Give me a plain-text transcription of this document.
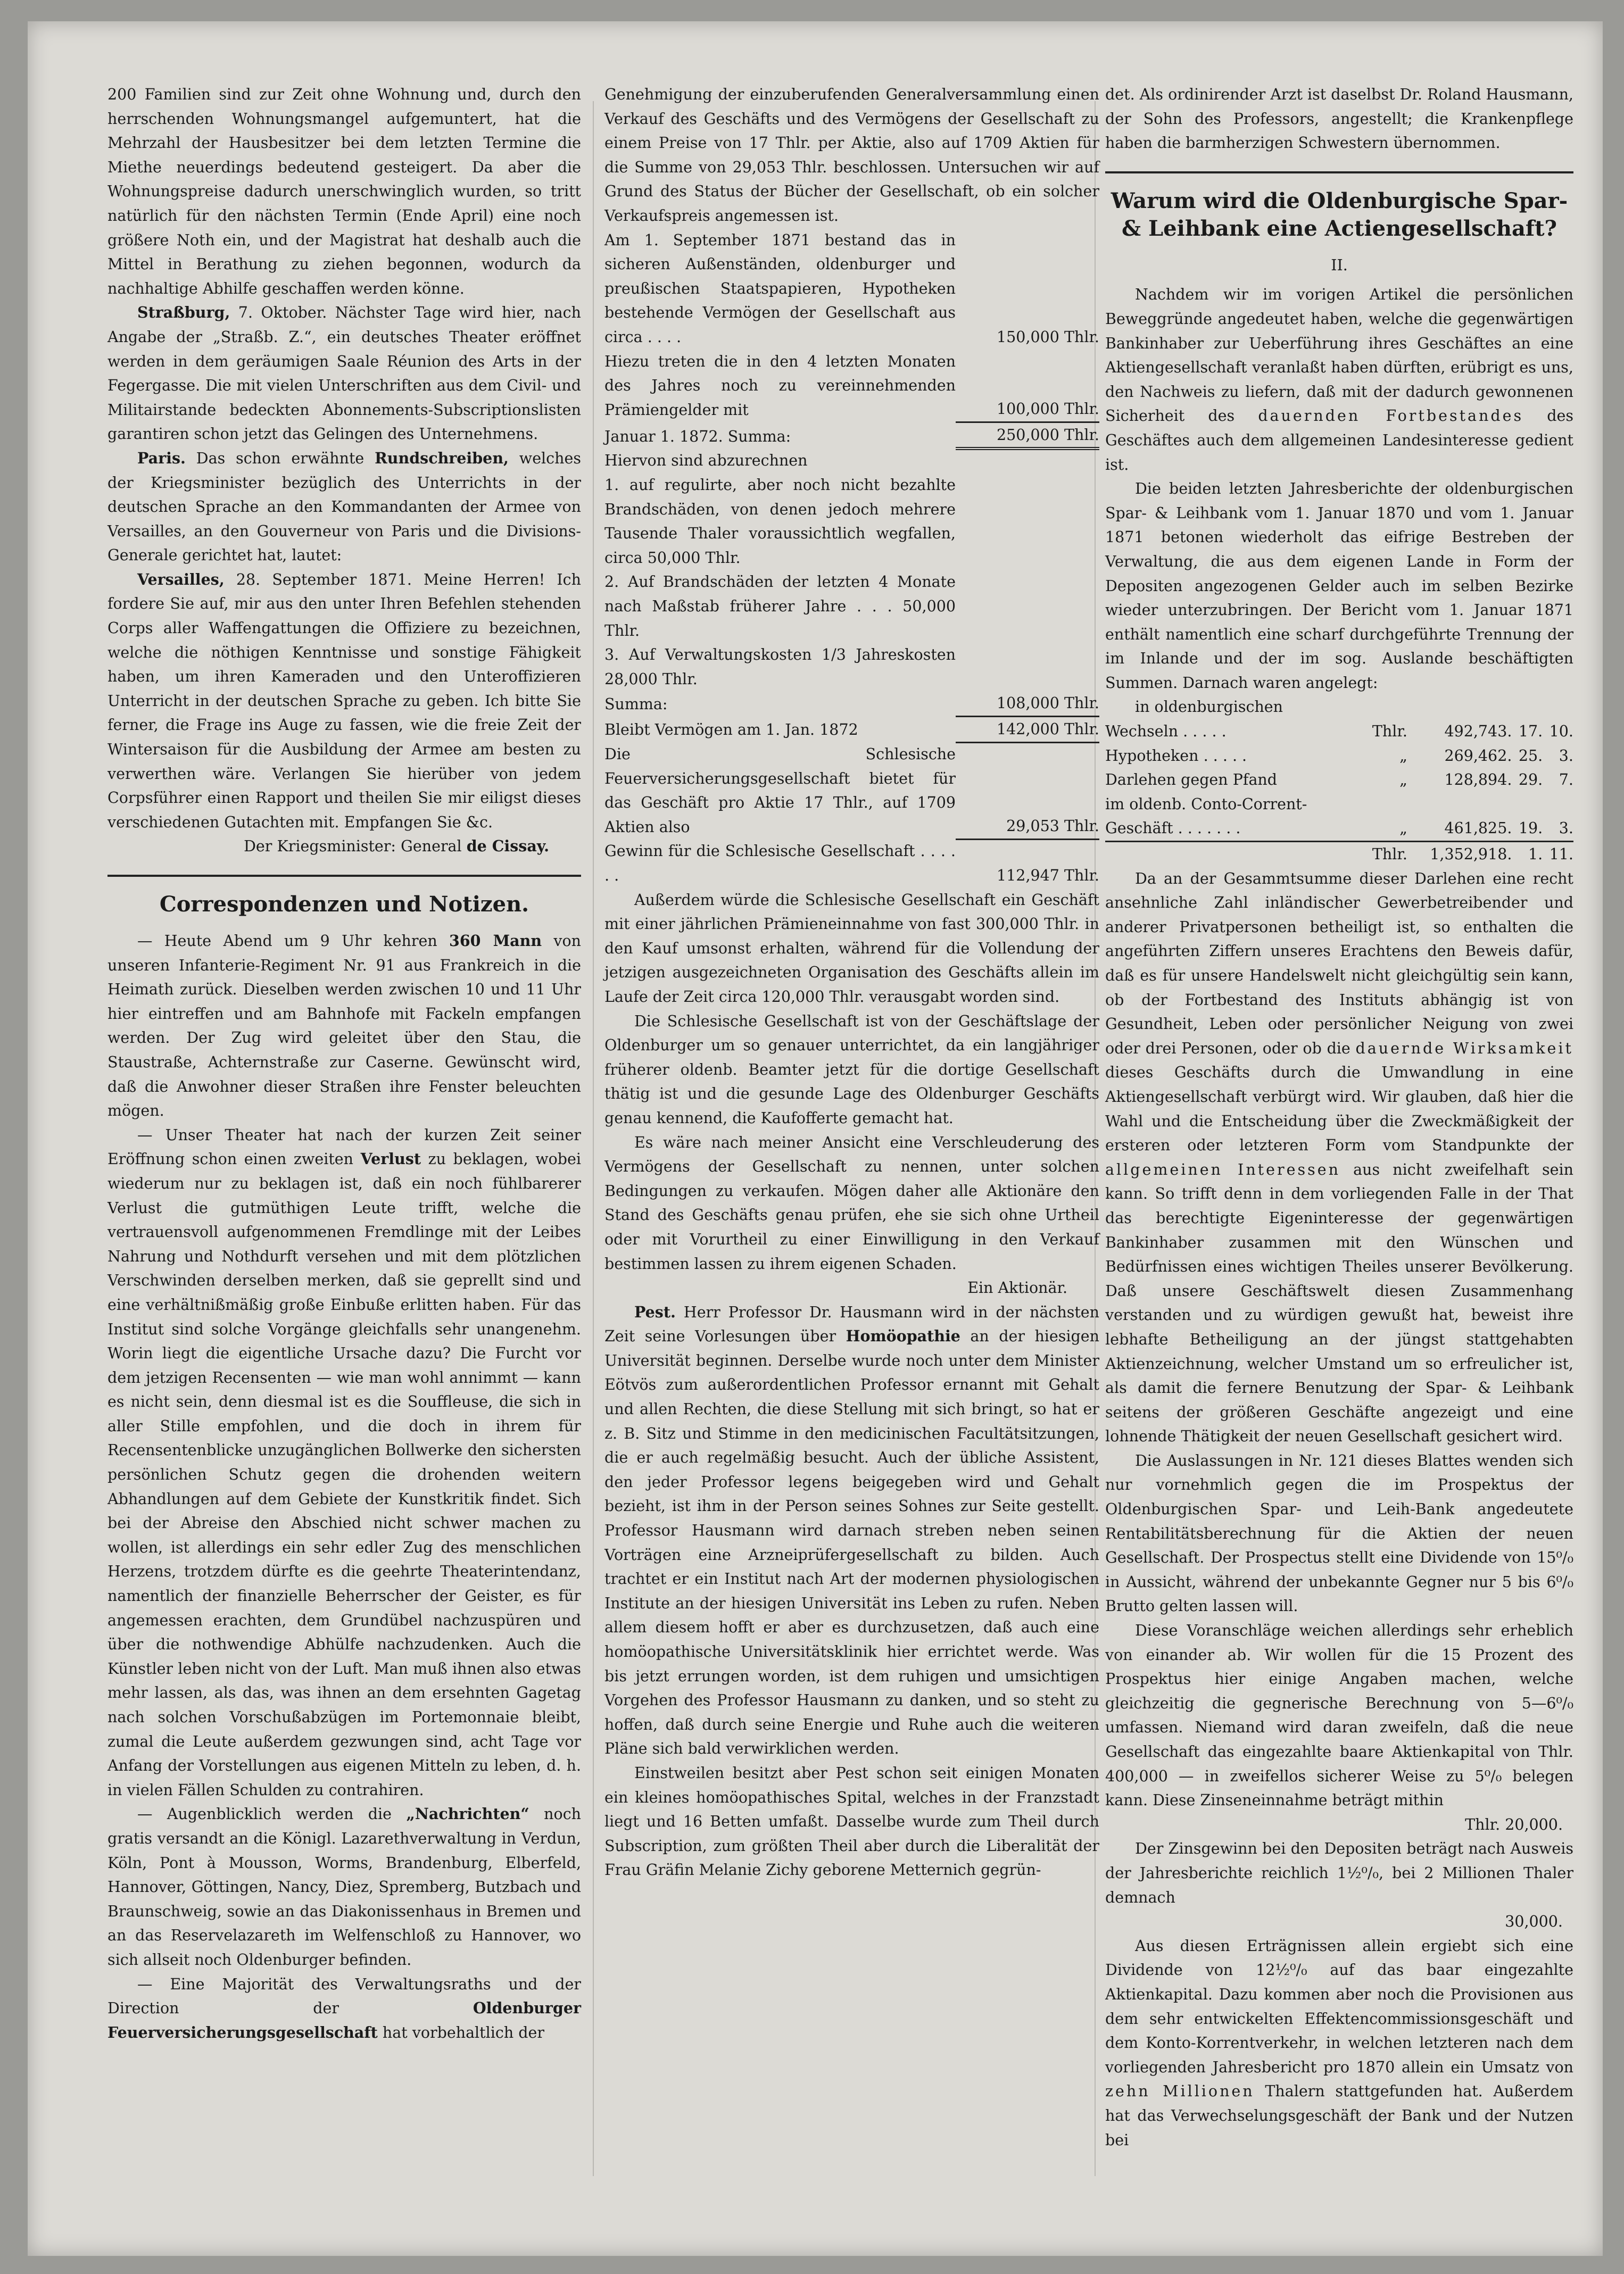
200 Familien sind zur Zeit ohne Wohnung und, durch den herrschenden Wohnungsmangel aufgemuntert, hat die Mehrzahl der Hausbesitzer bei dem letzten Termine die Miethe neuerdings bedeutend gesteigert. Da aber die Wohnungspreise dadurch unerschwinglich wurden, so tritt natürlich für den nächsten Termin (Ende April) eine noch größere Noth ein, und der Magistrat hat deshalb auch die Mittel in Berathung zu ziehen begonnen, wodurch da nachhaltige Abhilfe geschaffen werden könne.

Straßburg, 7. Oktober. Nächster Tage wird hier, nach Angabe der „Straßb. Z.“, ein deutsches Theater eröffnet werden in dem geräumigen Saale Réunion des Arts in der Fegergasse. Die mit vielen Unterschriften aus dem Civil- und Militairstande bedeckten Abonnements-Subscriptionslisten garantiren schon jetzt das Gelingen des Unternehmens.

Paris. Das schon erwähnte Rundschreiben, welches der Kriegsminister bezüglich des Unterrichts in der deutschen Sprache an den Kommandanten der Armee von Versailles, an den Gouverneur von Paris und die Divisions-Generale gerichtet hat, lautet:

Versailles, 28. September 1871. Meine Herren! Ich fordere Sie auf, mir aus den unter Ihren Befehlen stehenden Corps aller Waffengattungen die Offiziere zu bezeichnen, welche die nöthigen Kenntnisse und sonstige Fähigkeit haben, um ihren Kameraden und den Unteroffizieren Unterricht in der deutschen Sprache zu geben. Ich bitte Sie ferner, die Frage ins Auge zu fassen, wie die freie Zeit der Wintersaison für die Ausbildung der Armee am besten zu verwerthen wäre. Verlangen Sie hierüber von jedem Corpsführer einen Rapport und theilen Sie mir eiligst dieses verschiedenen Gutachten mit. Empfangen Sie &c.

Der Kriegsminister: General de Cissay.

Correspondenzen und Notizen.

— Heute Abend um 9 Uhr kehren 360 Mann von unseren Infanterie-Regiment Nr. 91 aus Frankreich in die Heimath zurück. Dieselben werden zwischen 10 und 11 Uhr hier eintreffen und am Bahnhofe mit Fackeln empfangen werden. Der Zug wird geleitet über den Stau, die Staustraße, Achternstraße zur Caserne. Gewünscht wird, daß die Anwohner dieser Straßen ihre Fenster beleuchten mögen.

— Unser Theater hat nach der kurzen Zeit seiner Eröffnung schon einen zweiten Verlust zu beklagen, wobei wiederum nur zu beklagen ist, daß ein noch fühlbarerer Verlust die gutmüthigen Leute trifft, welche die vertrauensvoll aufgenommenen Fremdlinge mit der Leibes Nahrung und Nothdurft versehen und mit dem plötzlichen Verschwinden derselben merken, daß sie geprellt sind und eine verhältnißmäßig große Einbuße erlitten haben. Für das Institut sind solche Vorgänge gleichfalls sehr unangenehm. Worin liegt die eigentliche Ursache dazu? Die Furcht vor dem jetzigen Recensenten — wie man wohl annimmt — kann es nicht sein, denn diesmal ist es die Souffleuse, die sich in aller Stille empfohlen, und die doch in ihrem für Recensentenblicke unzugänglichen Bollwerke den sichersten persönlichen Schutz gegen die drohenden weitern Abhandlungen auf dem Gebiete der Kunstkritik findet. Sich bei der Abreise den Abschied nicht schwer machen zu wollen, ist allerdings ein sehr edler Zug des menschlichen Herzens, trotzdem dürfte es die geehrte Theaterintendanz, namentlich der finanzielle Beherrscher der Geister, es für angemessen erachten, dem Grundübel nachzuspüren und über die nothwendige Abhülfe nachzudenken. Auch die Künstler leben nicht von der Luft. Man muß ihnen also etwas mehr lassen, als das, was ihnen an dem ersehnten Gagetag nach solchen Vorschußabzügen im Portemonnaie bleibt, zumal die Leute außerdem gezwungen sind, acht Tage vor Anfang der Vorstellungen aus eigenen Mitteln zu leben, d. h. in vielen Fällen Schulden zu contrahiren.

— Augenblicklich werden die „Nachrichten“ noch gratis versandt an die Königl. Lazarethverwaltung in Verdun, Köln, Pont à Mousson, Worms, Brandenburg, Elberfeld, Hannover, Göttingen, Nancy, Diez, Spremberg, Butzbach und Braunschweig, sowie an das Diakonissenhaus in Bremen und an das Reservelazareth im Welfenschloß zu Hannover, wo sich allseit noch Oldenburger befinden.

— Eine Majorität des Verwaltungsraths und der Direction der Oldenburger Feuerversicherungsgesellschaft hat vorbehaltlich der

Genehmigung der einzuberufenden Generalversammlung einen Verkauf des Geschäfts und des Vermögens der Gesellschaft zu einem Preise von 17 Thlr. per Aktie, also auf 1709 Aktien für die Summe von 29,053 Thlr. beschlossen. Untersuchen wir auf Grund des Status der Bücher der Gesellschaft, ob ein solcher Verkaufspreis angemessen ist.

Am 1. September 1871 bestand das in sicheren Außenständen, oldenburger und preußischen Staatspapieren, Hypotheken bestehende Vermögen der Gesellschaft aus circa . . . .	150,000 Thlr.
Hiezu treten die in den 4 letzten Monaten des Jahres noch zu vereinnehmenden Prämiengelder mit	100,000 Thlr.
Januar 1. 1872. Summa:	250,000 Thlr.
Hiervon sind abzurechnen	
1. auf regulirte, aber noch nicht bezahlte Brandschäden, von denen jedoch mehrere Tausende Thaler voraussichtlich wegfallen, circa 50,000 Thlr.	
2. Auf Brandschäden der letzten 4 Monate nach Maßstab früherer Jahre . . . 50,000 Thlr.	
3. Auf Verwaltungskosten 1/3 Jahreskosten 28,000 Thlr.	
Summa:	108,000 Thlr.
Bleibt Vermögen am 1. Jan. 1872	142,000 Thlr.
Die Schlesische Feuerversicherungsgesellschaft bietet für das Geschäft pro Aktie 17 Thlr., auf 1709 Aktien also	29,053 Thlr.
Gewinn für die Schlesische Gesellschaft . . . . . .	112,947 Thlr.

Außerdem würde die Schlesische Gesellschaft ein Geschäft mit einer jährlichen Prämieneinnahme von fast 300,000 Thlr. in den Kauf umsonst erhalten, während für die Vollendung der jetzigen ausgezeichneten Organisation des Geschäfts allein im Laufe der Zeit circa 120,000 Thlr. verausgabt worden sind.

Die Schlesische Gesellschaft ist von der Geschäftslage der Oldenburger um so genauer unterrichtet, da ein langjähriger früherer oldenb. Beamter jetzt für die dortige Gesellschaft thätig ist und die gesunde Lage des Oldenburger Geschäfts genau kennend, die Kaufofferte gemacht hat.

Es wäre nach meiner Ansicht eine Verschleuderung des Vermögens der Gesellschaft zu nennen, unter solchen Bedingungen zu verkaufen. Mögen daher alle Aktionäre den Stand des Geschäfts genau prüfen, ehe sie sich ohne Urtheil oder mit Vorurtheil zu einer Einwilligung in den Verkauf bestimmen lassen zu ihrem eigenen Schaden.

Ein Aktionär.

Pest. Herr Professor Dr. Hausmann wird in der nächsten Zeit seine Vorlesungen über Homöopathie an der hiesigen Universität beginnen. Derselbe wurde noch unter dem Minister Eötvös zum außerordentlichen Professor ernannt mit Gehalt und allen Rechten, die diese Stellung mit sich bringt, so hat er z. B. Sitz und Stimme in den medicinischen Facultätsitzungen, die er auch regelmäßig besucht. Auch der übliche Assistent, den jeder Professor legens beigegeben wird und Gehalt bezieht, ist ihm in der Person seines Sohnes zur Seite gestellt. Professor Hausmann wird darnach streben neben seinen Vorträgen eine Arzneiprüfergesellschaft zu bilden. Auch trachtet er ein Institut nach Art der modernen physiologischen Institute an der hiesigen Universität ins Leben zu rufen. Neben allem diesem hofft er aber es durchzusetzen, daß auch eine homöopathische Universitätsklinik hier errichtet werde. Was bis jetzt errungen worden, ist dem ruhigen und umsichtigen Vorgehen des Professor Hausmann zu danken, und so steht zu hoffen, daß durch seine Energie und Ruhe auch die weiteren Pläne sich bald verwirklichen werden.

Einstweilen besitzt aber Pest schon seit einigen Monaten ein kleines homöopathisches Spital, welches in der Franzstadt liegt und 16 Betten umfaßt. Dasselbe wurde zum Theil durch Subscription, zum größten Theil aber durch die Liberalität der Frau Gräfin Melanie Zichy geborene Metternich gegrün-

det. Als ordinirender Arzt ist daselbst Dr. Roland Hausmann, der Sohn des Professors, angestellt; die Krankenpflege haben die barmherzigen Schwestern übernommen.

Warum wird die Oldenburgische Spar- & Leihbank eine Actiengesellschaft?
II.

Nachdem wir im vorigen Artikel die persönlichen Beweggründe angedeutet haben, welche die gegenwärtigen Bankinhaber zur Ueberführung ihres Geschäftes an eine Aktiengesellschaft veranlaßt haben dürften, erübrigt es uns, den Nachweis zu liefern, daß mit der dadurch gewonnenen Sicherheit des dauernden Fortbestandes des Geschäftes auch dem allgemeinen Landesinteresse gedient ist.

Die beiden letzten Jahresberichte der oldenburgischen Spar- & Leihbank vom 1. Januar 1870 und vom 1. Januar 1871 betonen wiederholt das eifrige Bestreben der Verwaltung, die aus dem eigenen Lande in Form der Depositen angezogenen Gelder auch im selben Bezirke wieder unterzubringen. Der Bericht vom 1. Januar 1871 enthält namentlich eine scharf durchgeführte Trennung der im Inlande und der im sog. Auslande beschäftigten Summen. Darnach waren angelegt:

in oldenburgischen

Wechseln . . . . .	Thlr.	492,743.	17.	10.
Hypotheken . . . . .	„	269,462.	25.	3.
Darlehen gegen Pfand	„	128,894.	29.	7.
im oldenb. Conto-Corrent-				
Geschäft . . . . . . .	„	461,825.	19.	3.
	Thlr.	1,352,918.	1.	11.

Da an der Gesammtsumme dieser Darlehen eine recht ansehnliche Zahl inländischer Gewerbetreibender und anderer Privatpersonen betheiligt ist, so enthalten die angeführten Ziffern unseres Erachtens den Beweis dafür, daß es für unsere Handelswelt nicht gleichgültig sein kann, ob der Fortbestand des Instituts abhängig ist von Gesundheit, Leben oder persönlicher Neigung von zwei oder drei Personen, oder ob die dauernde Wirksamkeit dieses Geschäfts durch die Umwandlung in eine Aktiengesellschaft verbürgt wird. Wir glauben, daß hier die Wahl und die Entscheidung über die Zweckmäßigkeit der ersteren oder letzteren Form vom Standpunkte der allgemeinen Interessen aus nicht zweifelhaft sein kann. So trifft denn in dem vorliegenden Falle in der That das berechtigte Eigeninteresse der gegenwärtigen Bankinhaber zusammen mit den Wünschen und Bedürfnissen eines wichtigen Theiles unserer Bevölkerung. Daß unsere Geschäftswelt diesen Zusammenhang verstanden und zu würdigen gewußt hat, beweist ihre lebhafte Betheiligung an der jüngst stattgehabten Aktienzeichnung, welcher Umstand um so erfreulicher ist, als damit die fernere Benutzung der Spar- & Leihbank seitens der größeren Geschäfte angezeigt und eine lohnende Thätigkeit der neuen Gesellschaft gesichert wird.

Die Auslassungen in Nr. 121 dieses Blattes wenden sich nur vornehmlich gegen die im Prospektus der Oldenburgischen Spar- und Leih-Bank angedeutete Rentabilitätsberechnung für die Aktien der neuen Gesellschaft. Der Prospectus stellt eine Dividende von 15⁰/₀ in Aussicht, während der unbekannte Gegner nur 5 bis 6⁰/₀ Brutto gelten lassen will.

Diese Voranschläge weichen allerdings sehr erheblich von einander ab. Wir wollen für die 15 Prozent des Prospektus hier einige Angaben machen, welche gleichzeitig die gegnerische Berechnung von 5—6⁰/₀ umfassen. Niemand wird daran zweifeln, daß die neue Gesellschaft das eingezahlte baare Aktienkapital von Thlr. 400,000 — in zweifellos sicherer Weise zu 5⁰/₀ belegen kann. Diese Zinseneinnahme beträgt mithin

Thlr. 20,000.

Der Zinsgewinn bei den Depositen beträgt nach Ausweis der Jahresberichte reichlich 1½⁰/₀, bei 2 Millionen Thaler demnach

30,000.

Aus diesen Erträgnissen allein ergiebt sich eine Dividende von 12½⁰/₀ auf das baar eingezahlte Aktienkapital. Dazu kommen aber noch die Provisionen aus dem sehr entwickelten Effektencommissionsgeschäft und dem Konto-Korrentverkehr, in welchen letzteren nach dem vorliegenden Jahresbericht pro 1870 allein ein Umsatz von zehn Millionen Thalern stattgefunden hat. Außerdem hat das Verwechselungsgeschäft der Bank und der Nutzen bei
